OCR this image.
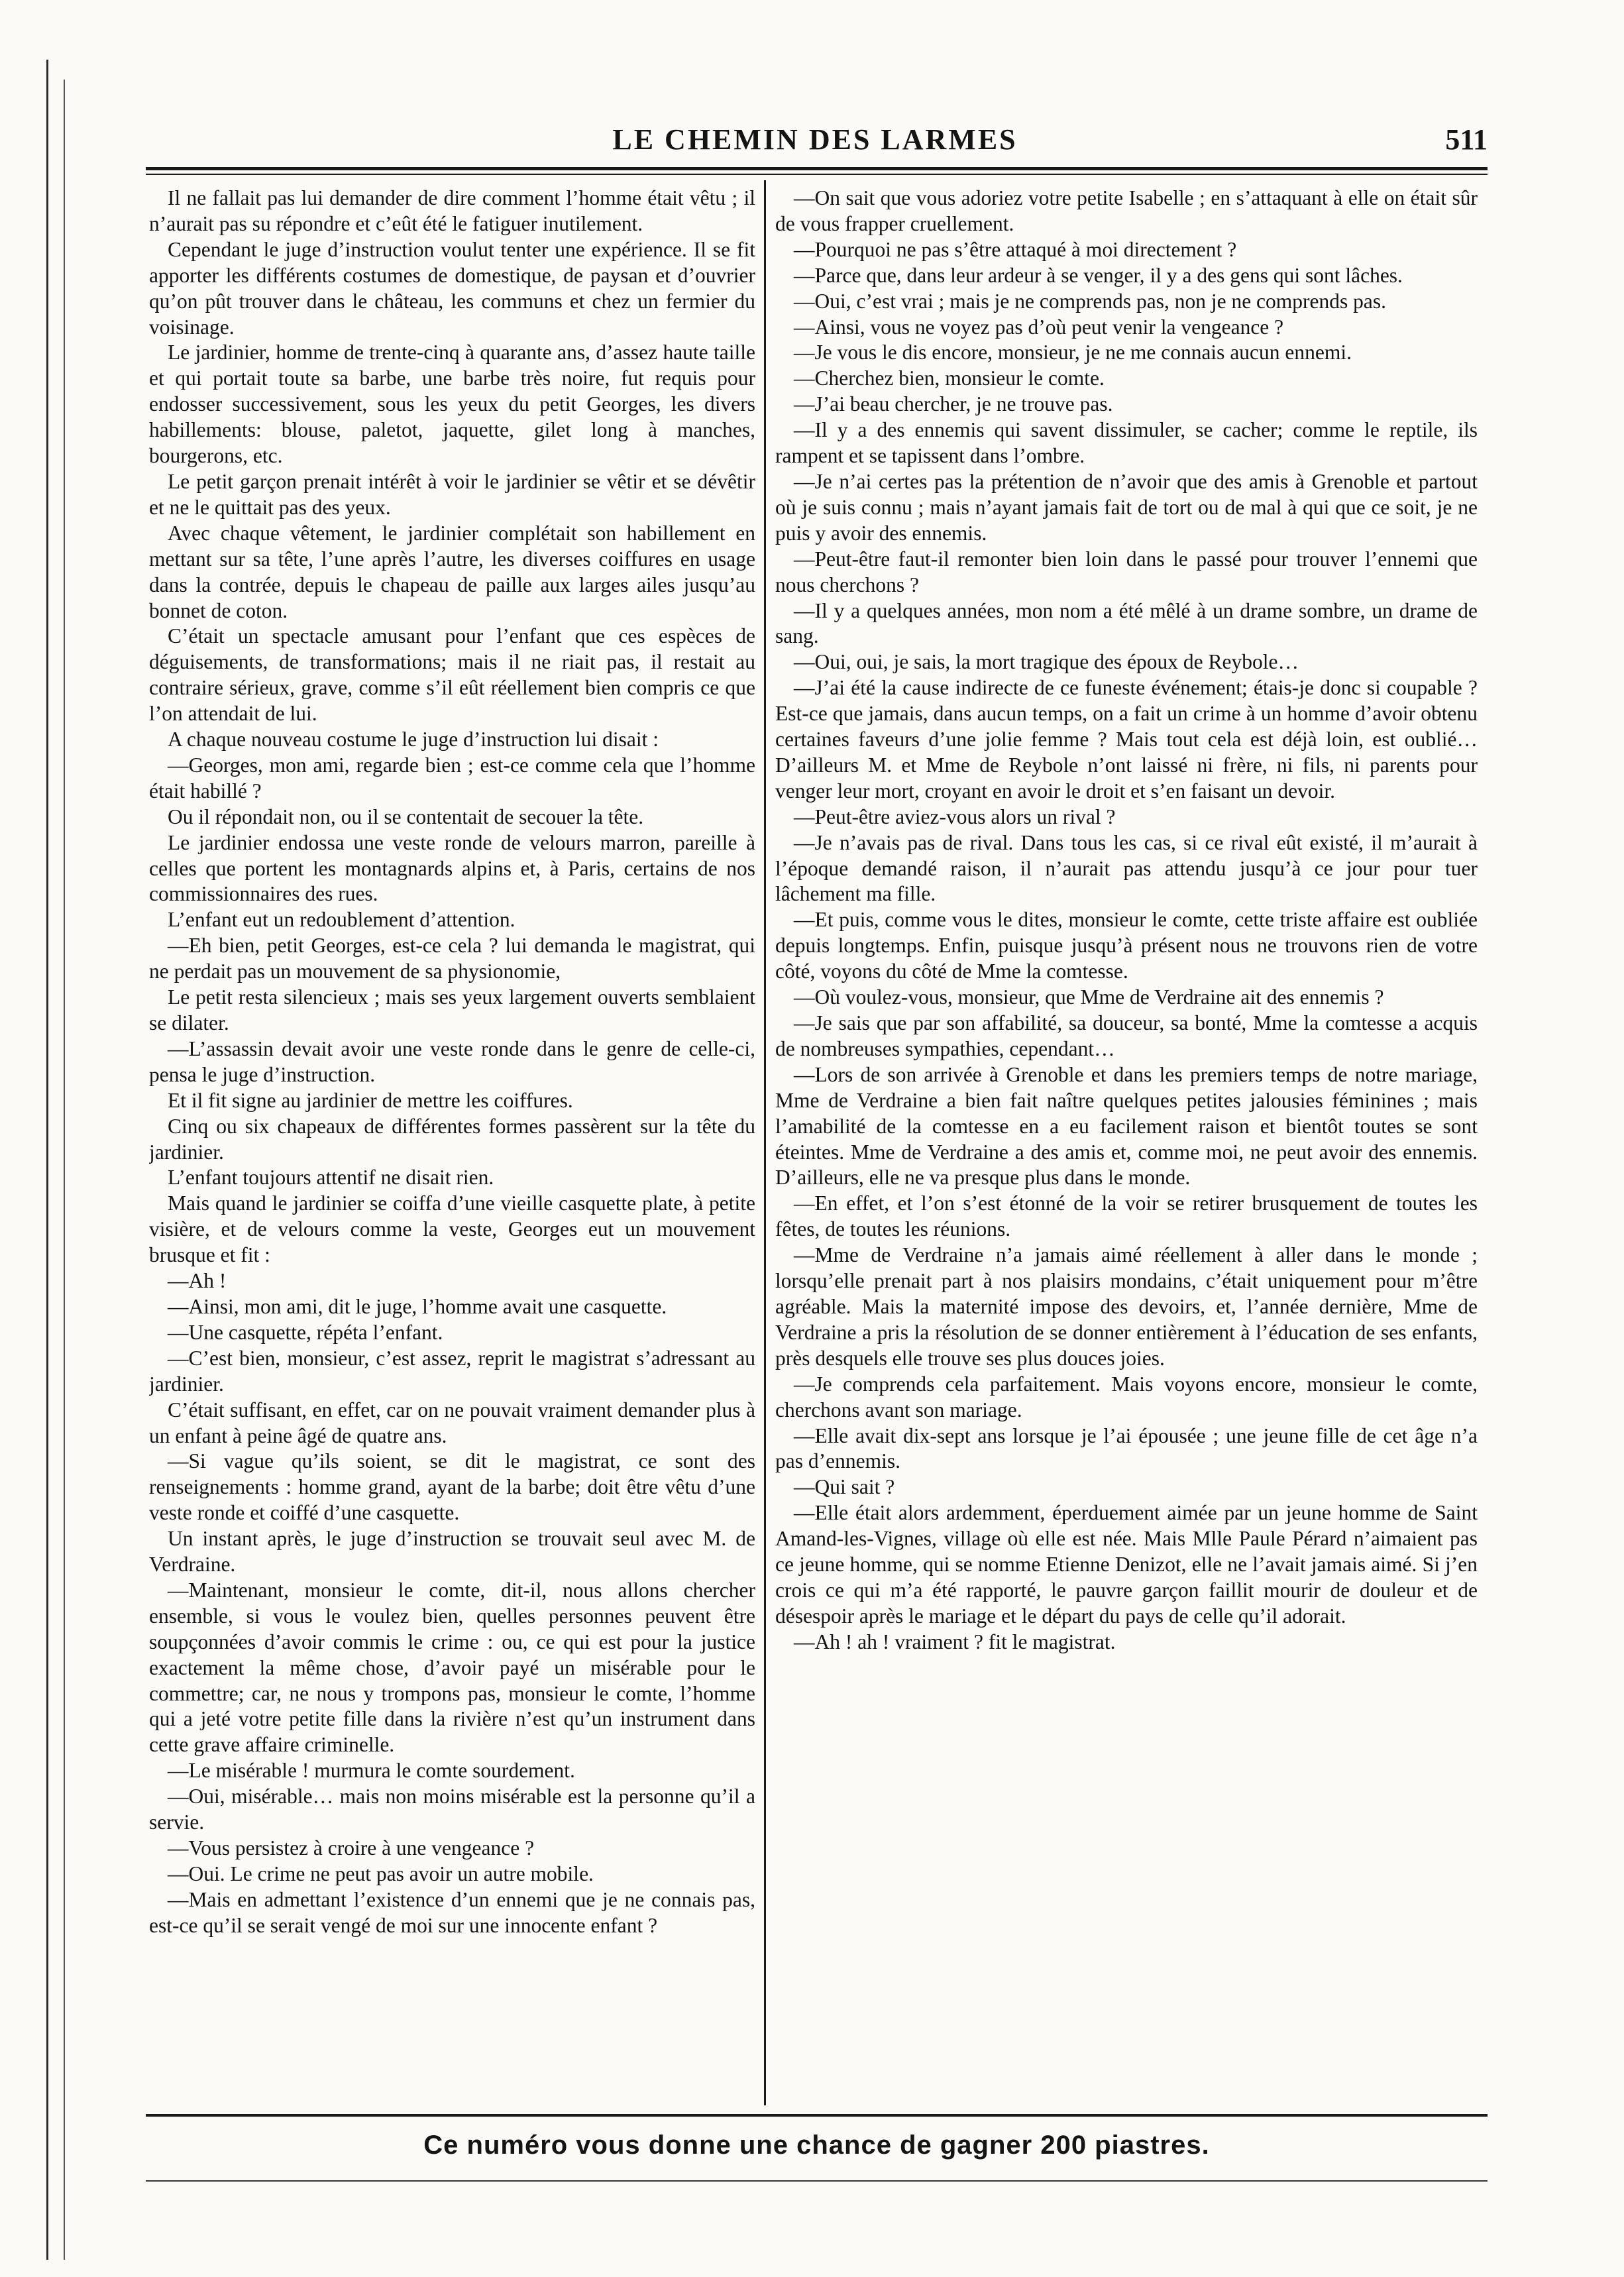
LE CHEMIN DES LARMES	511

Il ne fallait pas lui demander de dire comment l’homme était vêtu ; il n’aurait pas su répondre et c’eût été le fatiguer inutilement.

Cependant le juge d’instruction voulut tenter une expérience. Il se fit apporter les différents costumes de domestique, de paysan et d’ouvrier qu’on pût trouver dans le château, les communs et chez un fermier du voisinage.

Le jardinier, homme de trente-cinq à quarante ans, d’assez haute taille et qui portait toute sa barbe, une barbe très noire, fut requis pour endosser successivement, sous les yeux du petit Georges, les divers habillements: blouse, paletot, jaquette, gilet long à manches, bourgerons, etc.

Le petit garçon prenait intérêt à voir le jardinier se vêtir et se dévêtir et ne le quittait pas des yeux.

Avec chaque vêtement, le jardinier complétait son habillement en mettant sur sa tête, l’une après l’autre, les diverses coiffures en usage dans la contrée, depuis le chapeau de paille aux larges ailes jusqu’au bonnet de coton.

C’était un spectacle amusant pour l’enfant que ces espèces de déguisements, de transformations; mais il ne riait pas, il restait au contraire sérieux, grave, comme s’il eût réellement bien compris ce que l’on attendait de lui.

A chaque nouveau costume le juge d’instruction lui disait :

—Georges, mon ami, regarde bien ; est-ce comme cela que l’homme était habillé ?

Ou il répondait non, ou il se contentait de secouer la tête.

Le jardinier endossa une veste ronde de velours marron, pareille à celles que portent les montagnards alpins et, à Paris, certains de nos commissionnaires des rues.

L’enfant eut un redoublement d’attention.

—Eh bien, petit Georges, est-ce cela ? lui demanda le magistrat, qui ne perdait pas un mouvement de sa physionomie,

Le petit resta silencieux ; mais ses yeux largement ouverts semblaient se dilater.

—L’assassin devait avoir une veste ronde dans le genre de celle-ci, pensa le juge d’instruction.

Et il fit signe au jardinier de mettre les coiffures.

Cinq ou six chapeaux de différentes formes passèrent sur la tête du jardinier.

L’enfant toujours attentif ne disait rien.

Mais quand le jardinier se coiffa d’une vieille casquette plate, à petite visière, et de velours comme la veste, Georges eut un mouvement brusque et fit :

—Ah !

—Ainsi, mon ami, dit le juge, l’homme avait une casquette.

—Une casquette, répéta l’enfant.

—C’est bien, monsieur, c’est assez, reprit le magistrat s’adressant au jardinier.

C’était suffisant, en effet, car on ne pouvait vraiment demander plus à un enfant à peine âgé de quatre ans.

—Si vague qu’ils soient, se dit le magistrat, ce sont des renseignements : homme grand, ayant de la barbe; doit être vêtu d’une veste ronde et coiffé d’une casquette.

Un instant après, le juge d’instruction se trouvait seul avec M. de Verdraine.

—Maintenant, monsieur le comte, dit-il, nous allons chercher ensemble, si vous le voulez bien, quelles personnes peuvent être soupçonnées d’avoir commis le crime : ou, ce qui est pour la justice exactement la même chose, d’avoir payé un misérable pour le commettre; car, ne nous y trompons pas, monsieur le comte, l’homme qui a jeté votre petite fille dans la rivière n’est qu’un instrument dans cette grave affaire criminelle.

—Le misérable ! murmura le comte sourdement.

—Oui, misérable… mais non moins misérable est la personne qu’il a servie.

—Vous persistez à croire à une vengeance ?

—Oui. Le crime ne peut pas avoir un autre mobile.

—Mais en admettant l’existence d’un ennemi que je ne connais pas, est-ce qu’il se serait vengé de moi sur une innocente enfant ?

—On sait que vous adoriez votre petite Isabelle ; en s’attaquant à elle on était sûr de vous frapper cruellement.

—Pourquoi ne pas s’être attaqué à moi directement ?

—Parce que, dans leur ardeur à se venger, il y a des gens qui sont lâches.

—Oui, c’est vrai ; mais je ne comprends pas, non je ne comprends pas.

—Ainsi, vous ne voyez pas d’où peut venir la vengeance ?

—Je vous le dis encore, monsieur, je ne me connais aucun ennemi.

—Cherchez bien, monsieur le comte.

—J’ai beau chercher, je ne trouve pas.

—Il y a des ennemis qui savent dissimuler, se cacher; comme le reptile, ils rampent et se tapissent dans l’ombre.

—Je n’ai certes pas la prétention de n’avoir que des amis à Grenoble et partout où je suis connu ; mais n’ayant jamais fait de tort ou de mal à qui que ce soit, je ne puis y avoir des ennemis.

—Peut-être faut-il remonter bien loin dans le passé pour trouver l’ennemi que nous cherchons ?

—Il y a quelques années, mon nom a été mêlé à un drame sombre, un drame de sang.

—Oui, oui, je sais, la mort tragique des époux de Reybole…

—J’ai été la cause indirecte de ce funeste événement; étais-je donc si coupable ? Est-ce que jamais, dans aucun temps, on a fait un crime à un homme d’avoir obtenu certaines faveurs d’une jolie femme ? Mais tout cela est déjà loin, est oublié… D’ailleurs M. et Mme de Reybole n’ont laissé ni frère, ni fils, ni parents pour venger leur mort, croyant en avoir le droit et s’en faisant un devoir.

—Peut-être aviez-vous alors un rival ?

—Je n’avais pas de rival. Dans tous les cas, si ce rival eût existé, il m’aurait à l’époque demandé raison, il n’aurait pas attendu jusqu’à ce jour pour tuer lâchement ma fille.

—Et puis, comme vous le dites, monsieur le comte, cette triste affaire est oubliée depuis longtemps. Enfin, puisque jusqu’à présent nous ne trouvons rien de votre côté, voyons du côté de Mme la comtesse.

—Où voulez-vous, monsieur, que Mme de Verdraine ait des ennemis ?

—Je sais que par son affabilité, sa douceur, sa bonté, Mme la comtesse a acquis de nombreuses sympathies, cependant…

—Lors de son arrivée à Grenoble et dans les premiers temps de notre mariage, Mme de Verdraine a bien fait naître quelques petites jalousies féminines ; mais l’amabilité de la comtesse en a eu facilement raison et bientôt toutes se sont éteintes. Mme de Verdraine a des amis et, comme moi, ne peut avoir des ennemis. D’ailleurs, elle ne va presque plus dans le monde.

—En effet, et l’on s’est étonné de la voir se retirer brusquement de toutes les fêtes, de toutes les réunions.

—Mme de Verdraine n’a jamais aimé réellement à aller dans le monde ; lorsqu’elle prenait part à nos plaisirs mondains, c’était uniquement pour m’être agréable. Mais la maternité impose des devoirs, et, l’année dernière, Mme de Verdraine a pris la résolution de se donner entièrement à l’éducation de ses enfants, près desquels elle trouve ses plus douces joies.

—Je comprends cela parfaitement. Mais voyons encore, monsieur le comte, cherchons avant son mariage.

—Elle avait dix-sept ans lorsque je l’ai épousée ; une jeune fille de cet âge n’a pas d’ennemis.

—Qui sait ?

—Elle était alors ardemment, éperduement aimée par un jeune homme de Saint Amand-les-Vignes, village où elle est née. Mais Mlle Paule Pérard n’aimaient pas ce jeune homme, qui se nomme Etienne Denizot, elle ne l’avait jamais aimé. Si j’en crois ce qui m’a été rapporté, le pauvre garçon faillit mourir de douleur et de désespoir après le mariage et le départ du pays de celle qu’il adorait.

—Ah ! ah ! vraiment ? fit le magistrat.

Ce numéro vous donne une chance de gagner 200 piastres.
